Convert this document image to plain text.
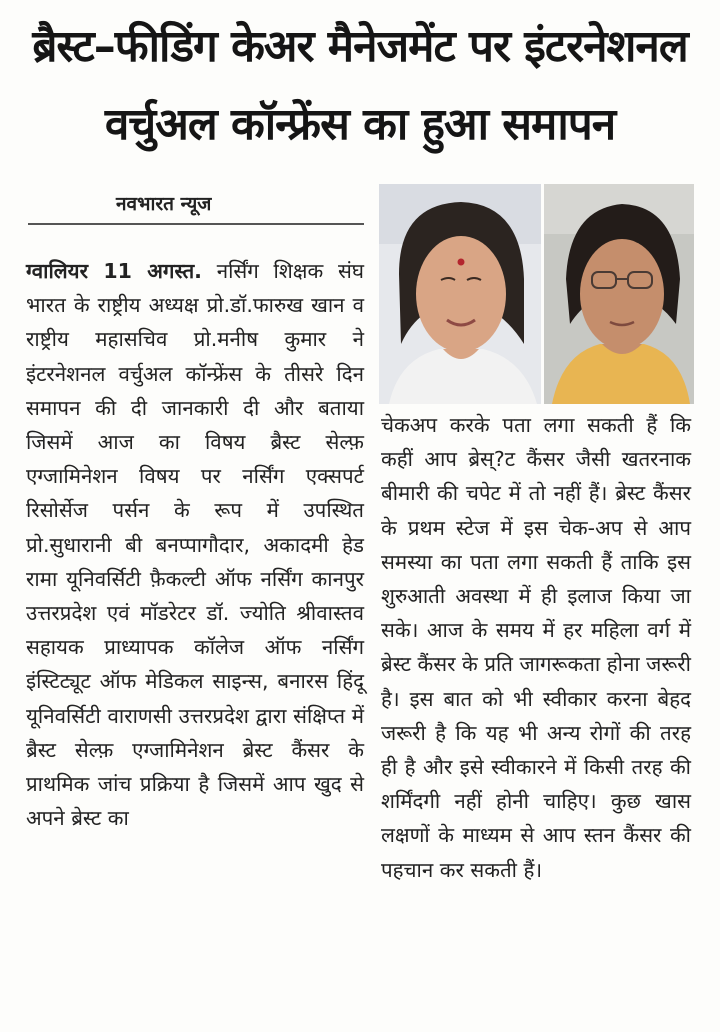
ब्रैस्ट–फीडिंग केअर मैनेजमेंट पर इंटरनेशनल
वर्चुअल कॉन्फ्रेंस का हुआ समापन
नवभारत न्यूज
ग्वालियर 11 अगस्त. नर्सिंग शिक्षक संघ भारत के राष्ट्रीय अध्यक्ष प्रो.डॉ.फारुख खान व राष्ट्रीय महासचिव प्रो.मनीष कुमार ने इंटरनेशनल वर्चुअल कॉन्फ्रेंस के तीसरे दिन समापन की दी जानकारी दी और बताया जिसमें आज का विषय ब्रैस्ट सेल्फ़ एग्जामिनेशन विषय पर नर्सिंग एक्सपर्ट रिसोर्सेज पर्सन के रूप में उपस्थित प्रो.सुधारानी बी बनप्पागौदार, अकादमी हेड रामा यूनिवर्सिटी फ़ैकल्टी ऑफ नर्सिंग कानपुर उत्तरप्रदेश एवं मॉडरेटर डॉ. ज्योति श्रीवास्तव सहायक प्राध्यापक कॉलेज ऑफ नर्सिंग इंस्टिट्यूट ऑफ मेडिकल साइन्स, बनारस हिंदू यूनिवर्सिटी वाराणसी उत्तरप्रदेश द्वारा संक्षिप्त में ब्रैस्ट सेल्फ़ एग्जामिनेशन ब्रेस्ट कैंसर के प्राथमिक जांच प्रक्रिया है जिसमें आप खुद से अपने ब्रेस्ट का
चेकअप करके पता लगा सकती हैं कि कहीं आप ब्रेस्?ट कैंसर जैसी खतरनाक बीमारी की चपेट में तो नहीं हैं। ब्रेस्ट कैंसर के प्रथम स्टेज में इस चेक-अप से आप समस्या का पता लगा सकती हैं ताकि इस शुरुआती अवस्था में ही इलाज किया जा सके। आज के समय में हर महिला वर्ग में ब्रेस्ट कैंसर के प्रति जागरूकता होना जरूरी है। इस बात को भी स्वीकार करना बेहद जरूरी है कि यह भी अन्य रोगों की तरह ही है और इसे स्वीकारने में किसी तरह की शर्मिंदगी नहीं होनी चाहिए। कुछ खास लक्षणों के माध्यम से आप स्तन कैंसर की पहचान कर सकती हैं।
